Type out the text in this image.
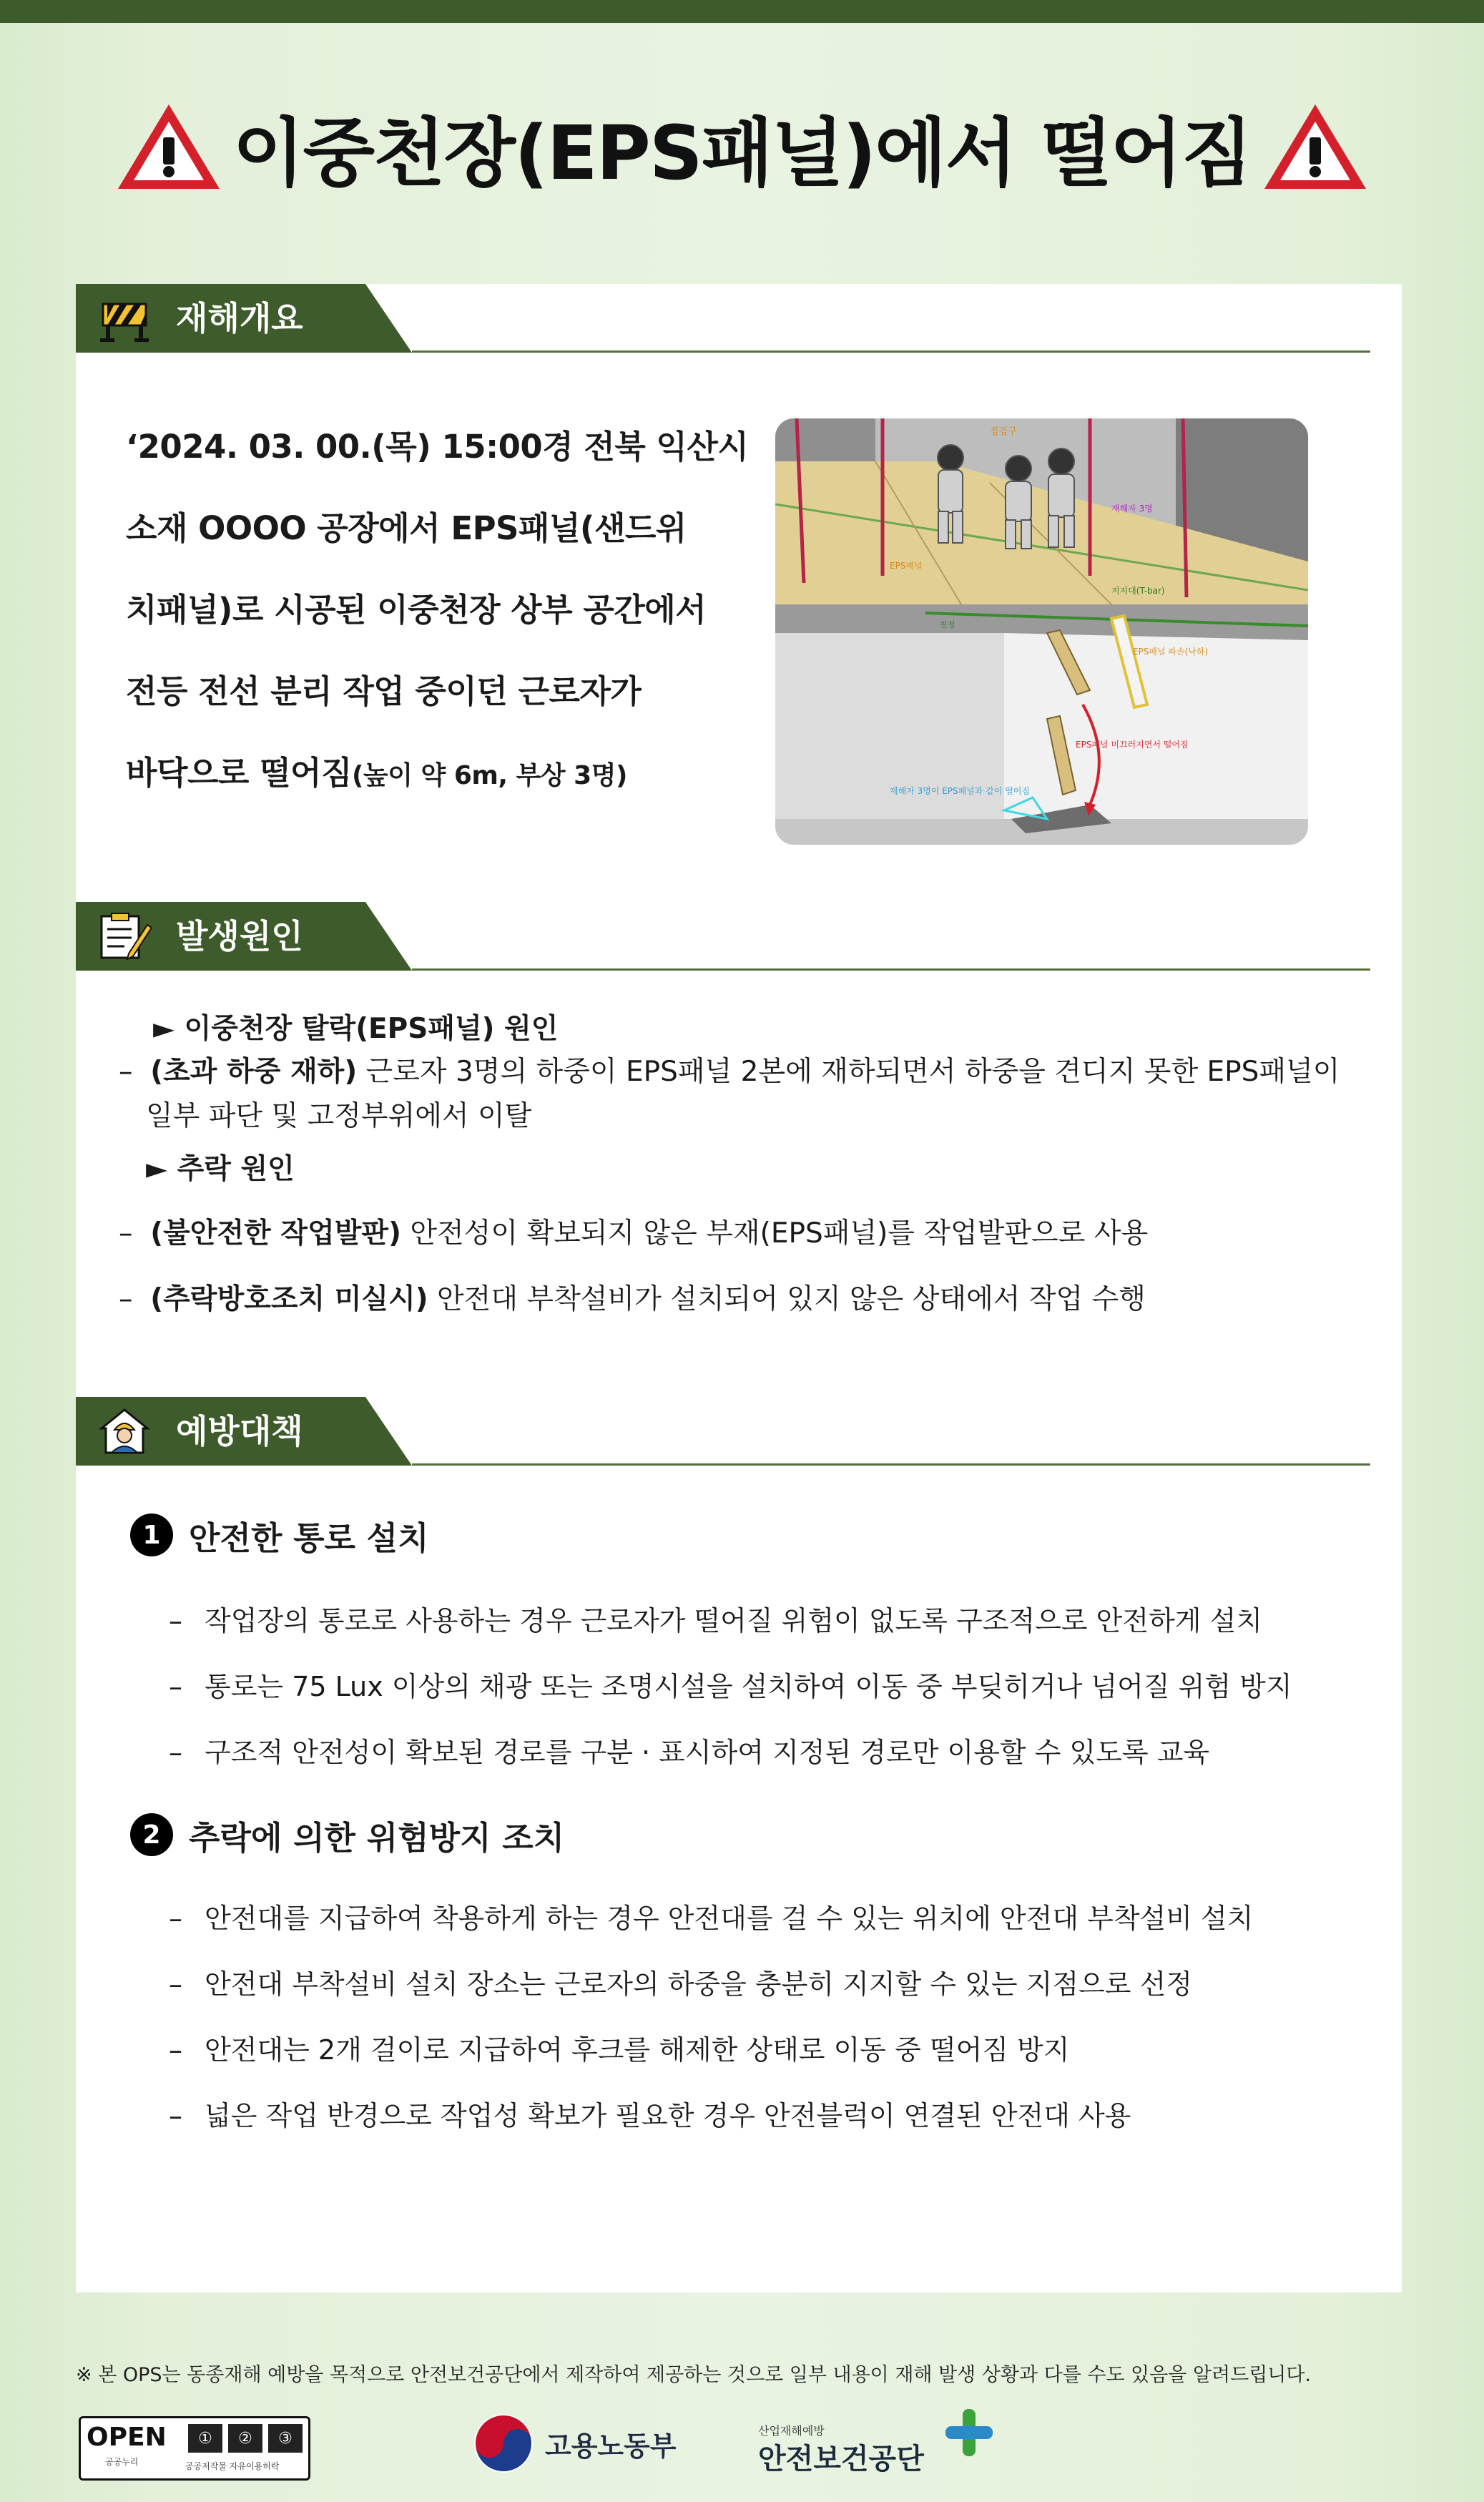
이중천장(EPS패널)에서 떨어짐
재해개요

‘2024. 03. 00.(목) 15:00경 전북 익산시

소재 OOOO 공장에서 EPS패널(샌드위

치패널)로 시공된 이중천장 상부 공간에서

전등 전선 분리 작업 중이던 근로자가

바닥으로 떨어짐(높이 약 6m, 부상 3명)

점검구
EPS패널
재해자 3명
지지대(T-bar)
천정
EPS패널 파손(낙하)
EPS패널 미끄러지면서 떨어짐
재해자 3명이 EPS패널과 같이 떨어짐
발생원인

► 이중천장 탈락(EPS패널) 원인

– (초과 하중 재하) 근로자 3명의 하중이 EPS패널 2본에 재하되면서 하중을 견디지 못한 EPS패널이

일부 파단 및 고정부위에서 이탈

► 추락 원인

– (불안전한 작업발판) 안전성이 확보되지 않은 부재(EPS패널)를 작업발판으로 사용

– (추락방호조치 미실시) 안전대 부착설비가 설치되어 있지 않은 상태에서 작업 수행

예방대책
1 안전한 통로 설치
– 작업장의 통로로 사용하는 경우 근로자가 떨어질 위험이 없도록 구조적으로 안전하게 설치
– 통로는 75 Lux 이상의 채광 또는 조명시설을 설치하여 이동 중 부딪히거나 넘어질 위험 방지
– 구조적 안전성이 확보된 경로를 구분 · 표시하여 지정된 경로만 이용할 수 있도록 교육
2 추락에 의한 위험방지 조치
– 안전대를 지급하여 착용하게 하는 경우 안전대를 걸 수 있는 위치에 안전대 부착설비 설치
– 안전대 부착설비 설치 장소는 근로자의 하중을 충분히 지지할 수 있는 지점으로 선정
– 안전대는 2개 걸이로 지급하여 후크를 해제한 상태로 이동 중 떨어짐 방지
– 넓은 작업 반경으로 작업성 확보가 필요한 경우 안전블럭이 연결된 안전대 사용
※ 본 OPS는 동종재해 예방을 목적으로 안전보건공단에서 제작하여 제공하는 것으로 일부 내용이 재해 발생 상황과 다를 수도 있음을 알려드립니다.
OPEN
공공누리
①	②	③
공공저작물 자유이용허락
고용노동부	산업재해예방
안전보건공단
